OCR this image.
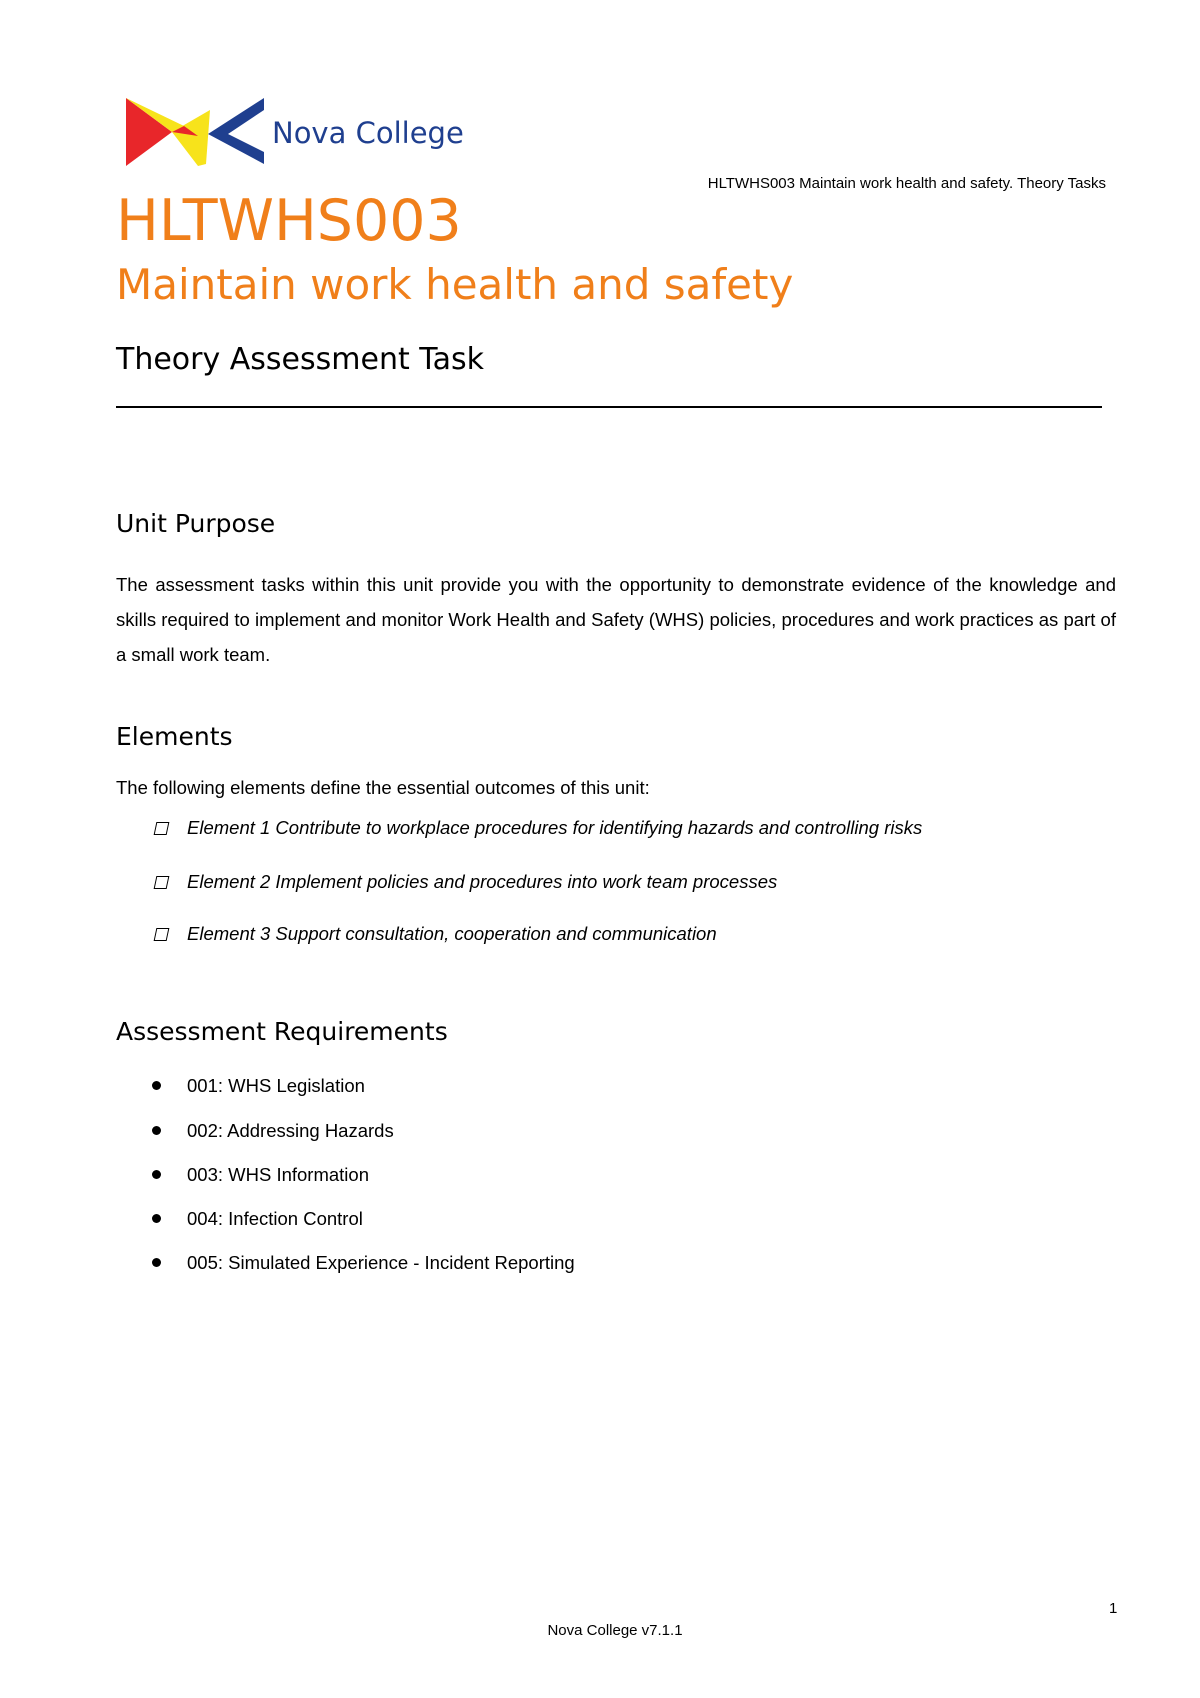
Nova College
HLTWHS003 Maintain work health and safety. Theory Tasks
HLTWHS003
Maintain work health and safety
Theory Assessment Task
Unit Purpose
The assessment tasks within this unit provide you with the opportunity to demonstrate evidence of the knowledge and skills required to implement and monitor Work Health and Safety (WHS) policies, procedures and work practices as part of a small work team.
Elements
The following elements define the essential outcomes of this unit:
Element 1 Contribute to workplace procedures for identifying hazards and controlling risks
Element 2 Implement policies and procedures into work team processes
Element 3 Support consultation, cooperation and communication
Assessment Requirements
001: WHS Legislation
002: Addressing Hazards
003: WHS Information
004: Infection Control
005: Simulated Experience - Incident Reporting
1
Nova College v7.1.1
